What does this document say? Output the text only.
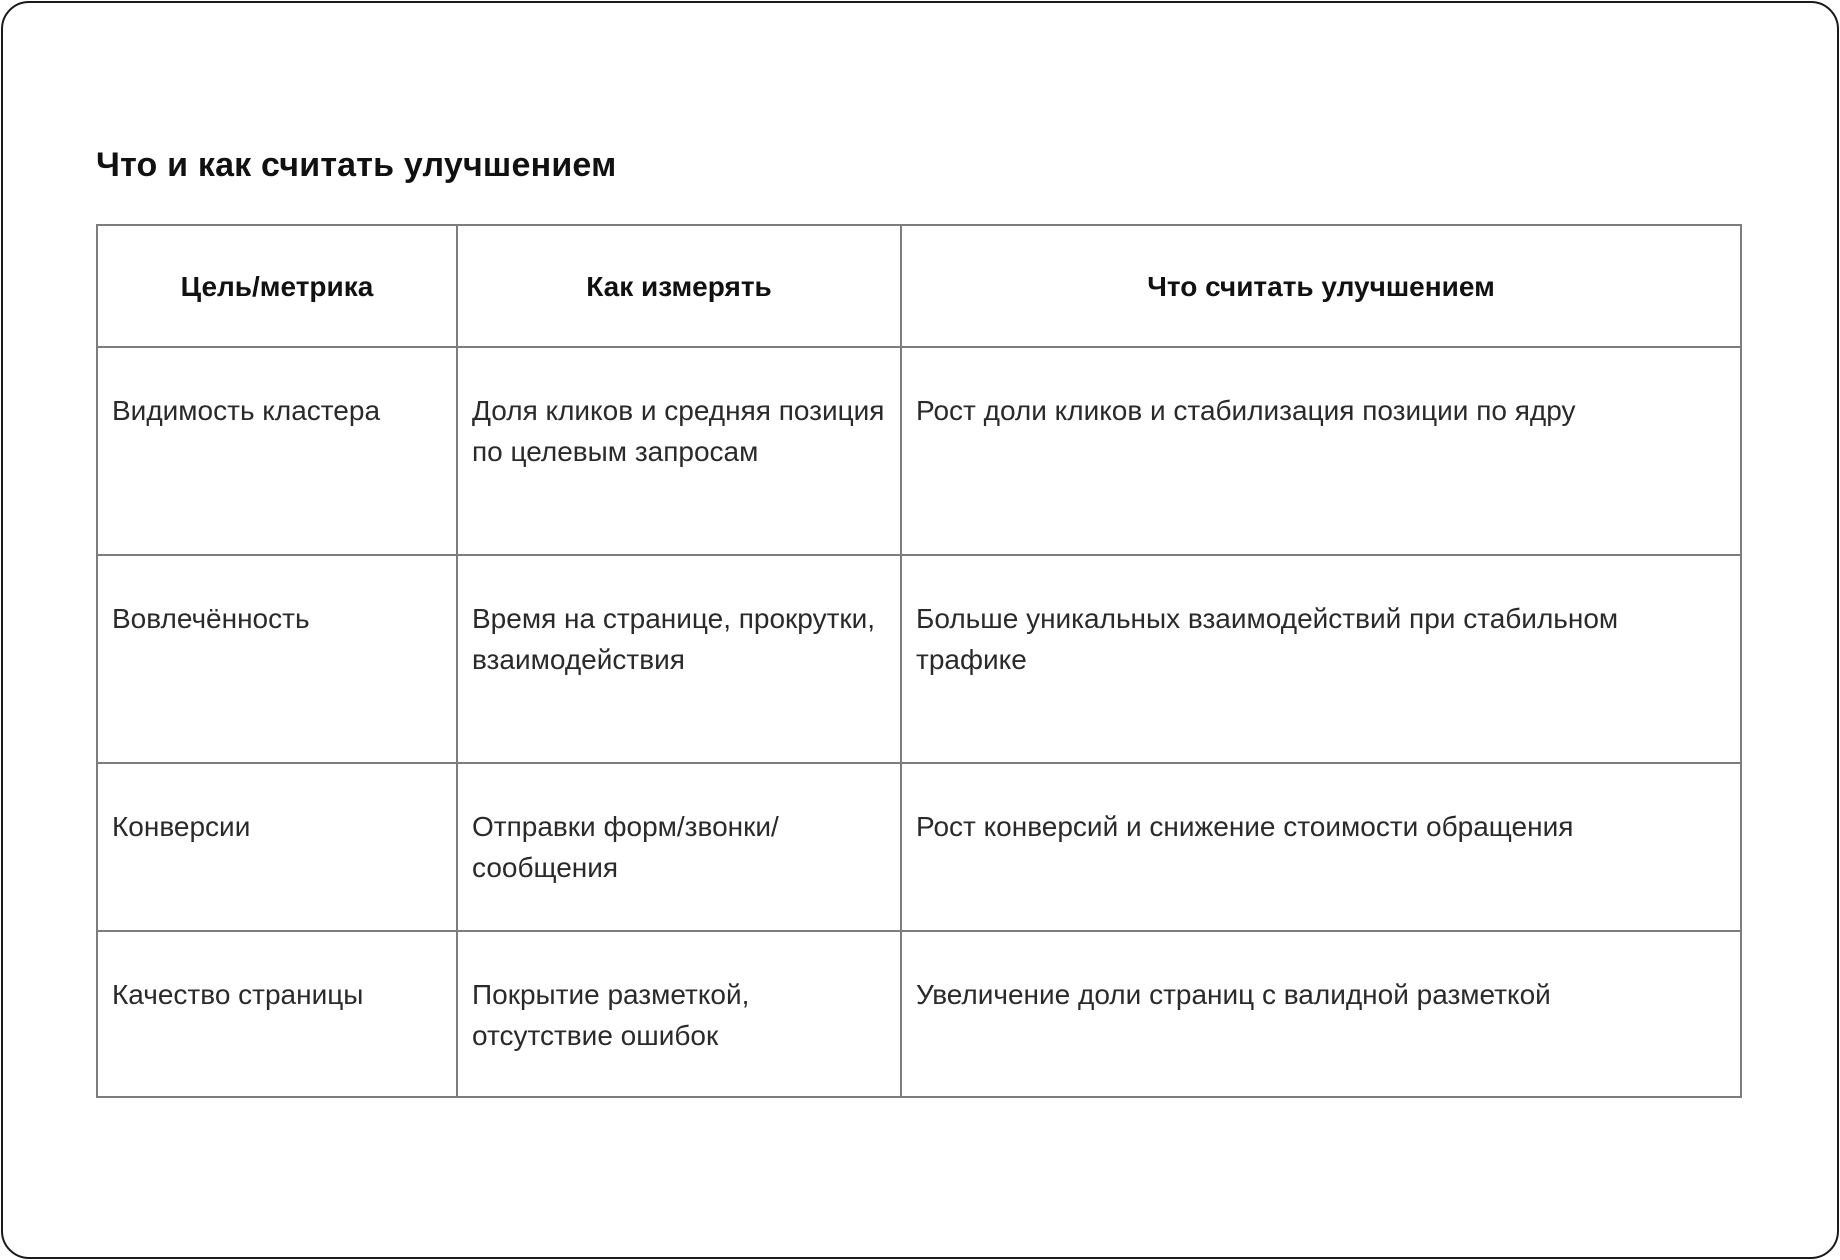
Что и как считать улучшением
Цель/метрика	Как измерять	Что считать улучшением
Видимость кластера	Доля кликов и средняя позиция по целевым запросам	Рост доли кликов и стабилизация позиции по ядру
Вовлечённость	Время на странице, прокрутки, взаимодействия	Больше уникальных взаимодействий при стабильном трафике
Конверсии	Отправки форм/звонки/сообщения	Рост конверсий и снижение стоимости обращения
Качество страницы	Покрытие разметкой, отсутствие ошибок	Увеличение доли страниц с валидной разметкой
